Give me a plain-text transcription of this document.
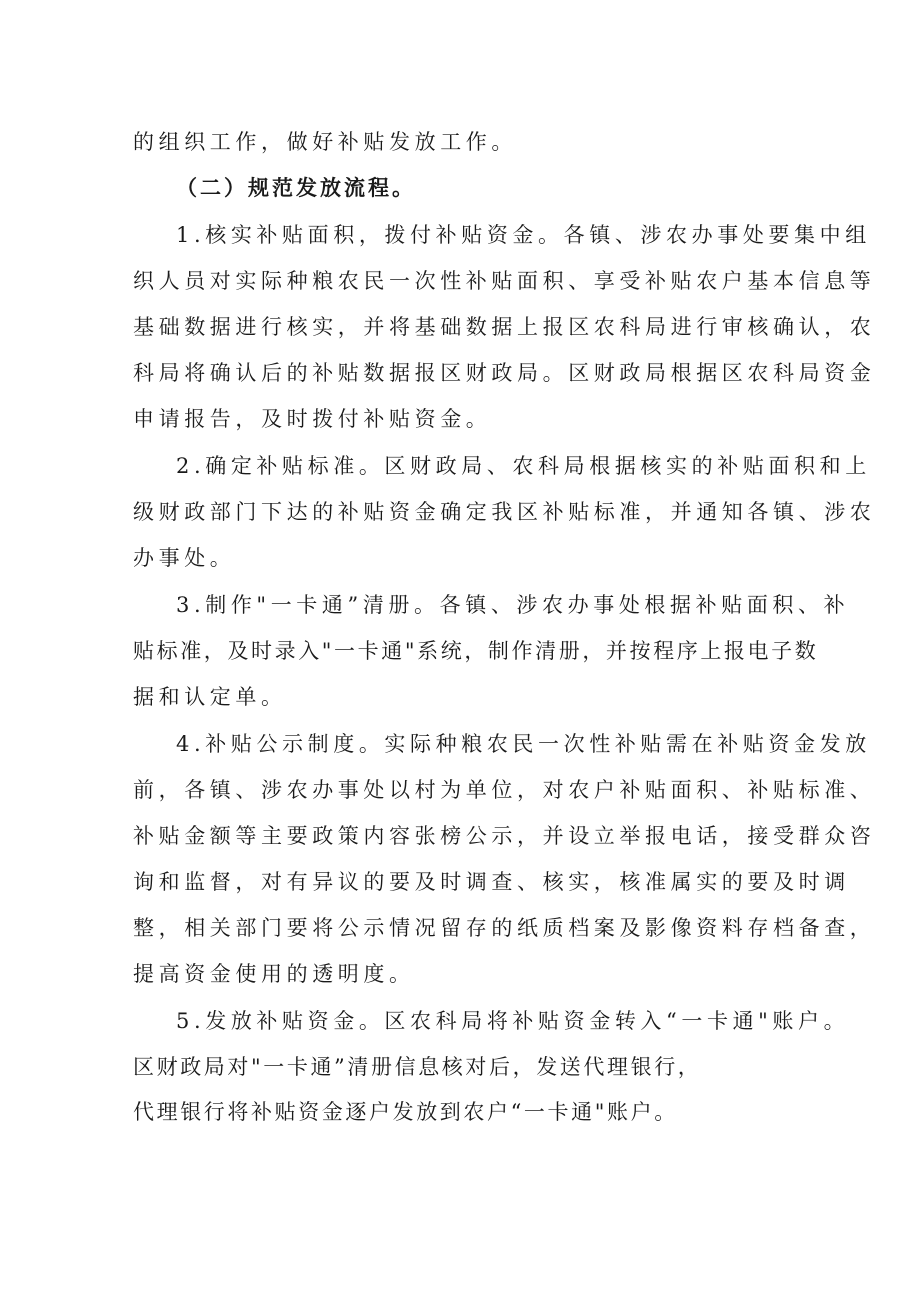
的组织工作，做好补贴发放工作。
（二）规范发放流程。
1.核实补贴面积，拨付补贴资金。各镇、涉农办事处要集中组
织人员对实际种粮农民一次性补贴面积、享受补贴农户基本信息等
基础数据进行核实，并将基础数据上报区农科局进行审核确认，农
科局将确认后的补贴数据报区财政局。区财政局根据区农科局资金
申请报告，及时拨付补贴资金。
2.确定补贴标准。区财政局、农科局根据核实的补贴面积和上
级财政部门下达的补贴资金确定我区补贴标准，并通知各镇、涉农
办事处。
3.制作"一卡通”清册。各镇、涉农办事处根据补贴面积、补
贴标准，及时录入"一卡通"系统，制作清册，并按程序上报电子数
据和认定单。
4.补贴公示制度。实际种粮农民一次性补贴需在补贴资金发放
前，各镇、涉农办事处以村为单位，对农户补贴面积、补贴标准、
补贴金额等主要政策内容张榜公示，并设立举报电话，接受群众咨
询和监督，对有异议的要及时调查、核实，核准属实的要及时调
整，相关部门要将公示情况留存的纸质档案及影像资料存档备查，
提高资金使用的透明度。
5.发放补贴资金。区农科局将补贴资金转入“一卡通"账户。
区财政局对"一卡通”清册信息核对后，发送代理银行，
代理银行将补贴资金逐户发放到农户“一卡通"账户。
